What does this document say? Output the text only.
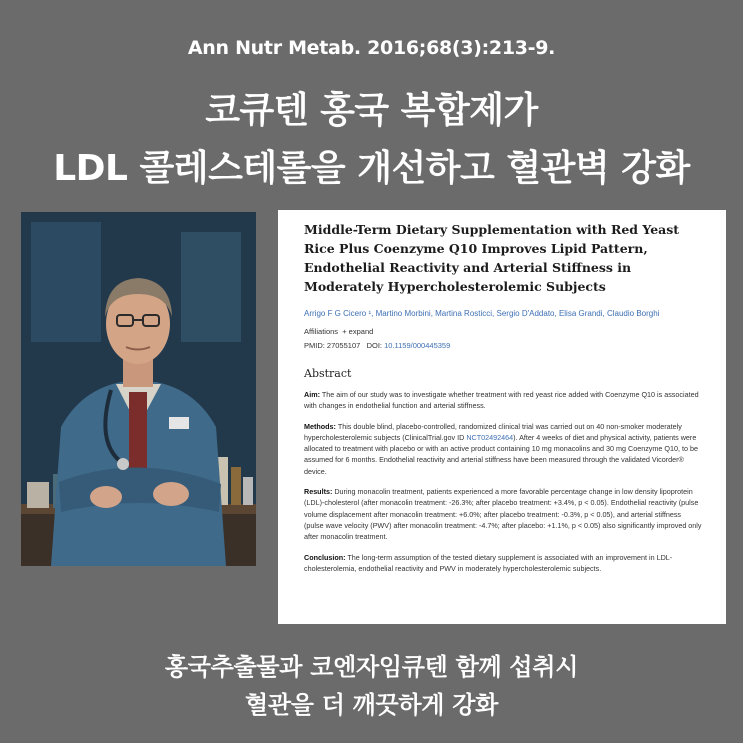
Ann Nutr Metab. 2016;68(3):213-9.
코큐텐 홍국 복합제가
LDL 콜레스테롤을 개선하고 혈관벽 강화

Middle-Term Dietary Supplementation with Red Yeast Rice Plus Coenzyme Q10 Improves Lipid Pattern, Endothelial Reactivity and Arterial Stiffness in Moderately Hypercholesterolemic Subjects

Arrigo F G Cicero ¹, Martino Morbini, Martina Rosticci, Sergio D'Addato, Elisa Grandi, Claudio Borghi
Affiliations + expand
PMID: 27055107 DOI: 10.1159/000445359
Abstract
Aim: The aim of our study was to investigate whether treatment with red yeast rice added with Coenzyme Q10 is associated with changes in endothelial function and arterial stiffness.
Methods: This double blind, placebo-controlled, randomized clinical trial was carried out on 40 non-smoker moderately hypercholesterolemic subjects (ClinicalTrial.gov ID NCT02492464). After 4 weeks of diet and physical activity, patients were allocated to treatment with placebo or with an active product containing 10 mg monacolins and 30 mg Coenzyme Q10, to be assumed for 6 months. Endothelial reactivity and arterial stiffness have been measured through the validated Vicorder® device.
Results: During monacolin treatment, patients experienced a more favorable percentage change in low density lipoprotein (LDL)-cholesterol (after monacolin treatment: -26.3%; after placebo treatment: +3.4%, p < 0.05). Endothelial reactivity (pulse volume displacement after monacolin treatment: +6.0%; after placebo treatment: -0.3%, p < 0.05), and arterial stiffness (pulse wave velocity (PWV) after monacolin treatment: -4.7%; after placebo: +1.1%, p < 0.05) also significantly improved only after monacolin treatment.
Conclusion: The long-term assumption of the tested dietary supplement is associated with an improvement in LDL-cholesterolemia, endothelial reactivity and PWV in moderately hypercholesterolemic subjects.
홍국추출물과 코엔자임큐텐 함께 섭취시
혈관을 더 깨끗하게 강화
